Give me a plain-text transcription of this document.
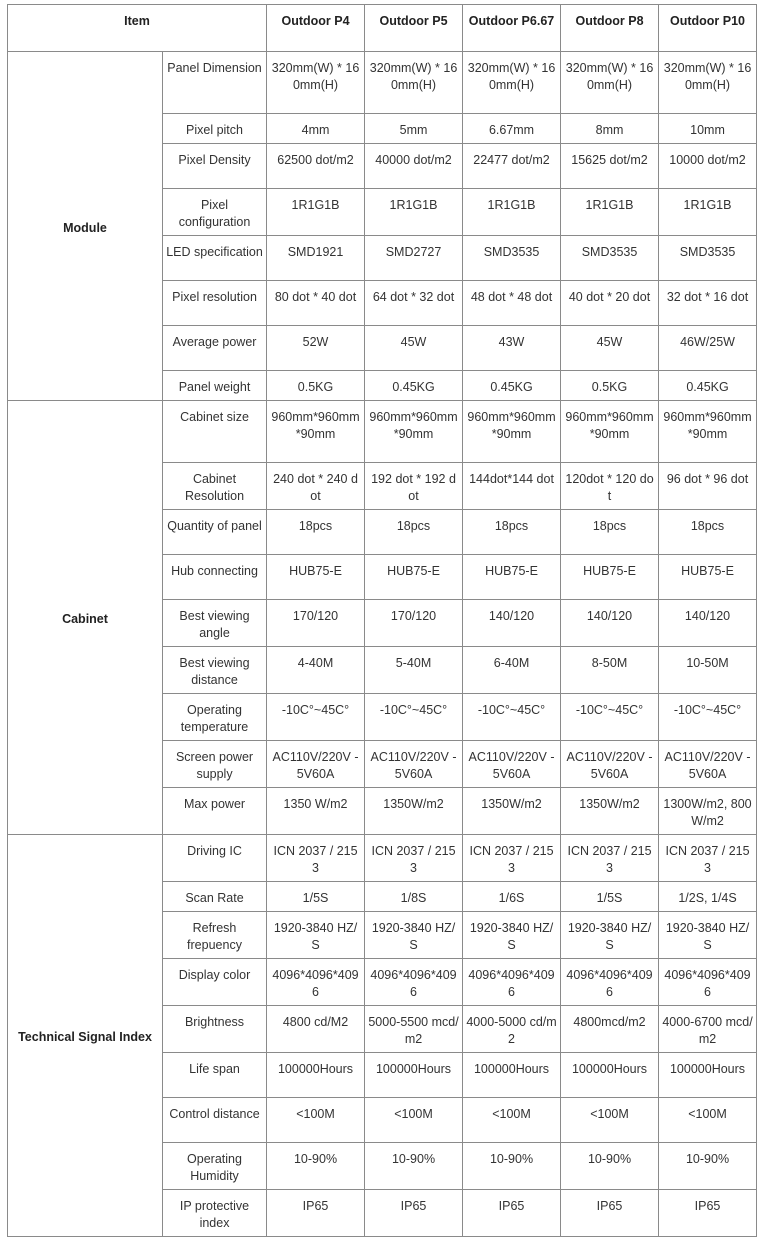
Item		Outdoor P4	Outdoor P5	Outdoor P6.67	Outdoor P8	Outdoor P10
Module	Panel Dimension	320mm(W) * 160mm(H)	320mm(W) * 160mm(H)	320mm(W) * 160mm(H)	320mm(W) * 160mm(H)	320mm(W) * 160mm(H)
	Pixel pitch	4mm	5mm	6.67mm	8mm	10mm
	Pixel Density	62500 dot/m2	40000 dot/m2	22477 dot/m2	15625 dot/m2	10000 dot/m2
	Pixel configuration	1R1G1B	1R1G1B	1R1G1B	1R1G1B	1R1G1B
	LED specification	SMD1921	SMD2727	SMD3535	SMD3535	SMD3535
	Pixel resolution	80 dot * 40 dot	64 dot * 32 dot	48 dot * 48 dot	40 dot * 20 dot	32 dot * 16 dot
	Average power	52W	45W	43W	45W	46W/25W
	Panel weight	0.5KG	0.45KG	0.45KG	0.5KG	0.45KG
Cabinet	Cabinet size	960mm*960mm*90mm	960mm*960mm*90mm	960mm*960mm*90mm	960mm*960mm*90mm	960mm*960mm*90mm
	Cabinet Resolution	240 dot * 240 dot	192 dot * 192 dot	144dot*144 dot	120dot * 120 dot	96 dot * 96 dot
	Quantity of panel	18pcs	18pcs	18pcs	18pcs	18pcs
	Hub connecting	HUB75-E	HUB75-E	HUB75-E	HUB75-E	HUB75-E
	Best viewing angle	170/120	170/120	140/120	140/120	140/120
	Best viewing distance	4-40M	5-40M	6-40M	8-50M	10-50M
	Operating temperature	-10C°~45C°	-10C°~45C°	-10C°~45C°	-10C°~45C°	-10C°~45C°
	Screen power supply	AC110V/220V - 5V60A	AC110V/220V - 5V60A	AC110V/220V - 5V60A	AC110V/220V - 5V60A	AC110V/220V - 5V60A
	Max power	1350 W/m2	1350W/m2	1350W/m2	1350W/m2	1300W/m2, 800 W/m2
Technical Signal Index	Driving IC	ICN 2037 / 2153	ICN 2037 / 2153	ICN 2037 / 2153	ICN 2037 / 2153	ICN 2037 / 2153
	Scan Rate	1/5S	1/8S	1/6S	1/5S	1/2S, 1/4S
	Refresh frepuency	1920-3840 HZ/S	1920-3840 HZ/S	1920-3840 HZ/S	1920-3840 HZ/S	1920-3840 HZ/S
	Display color	4096*4096*4096	4096*4096*4096	4096*4096*4096	4096*4096*4096	4096*4096*4096
	Brightness	4800 cd/M2	5000-5500 mcd/m2	4000-5000 cd/m2	4800mcd/m2	4000-6700 mcd/m2
	Life span	100000Hours	100000Hours	100000Hours	100000Hours	100000Hours
	Control distance	<100M	<100M	<100M	<100M	<100M
	Operating Humidity	10-90%	10-90%	10-90%	10-90%	10-90%
	IP protective index	IP65	IP65	IP65	IP65	IP65
